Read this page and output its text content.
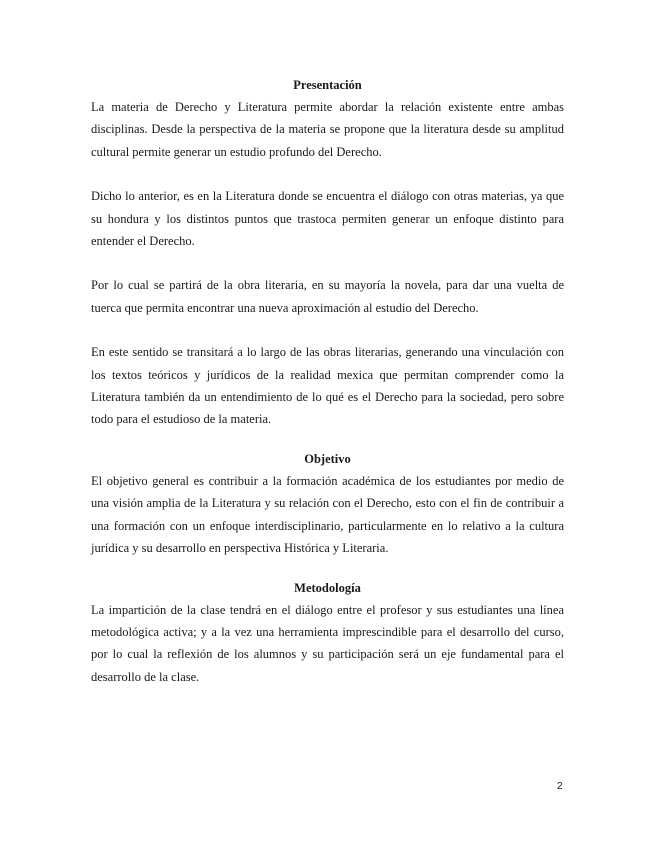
Presentación

La materia de Derecho y Literatura permite abordar la relación existente entre ambas disciplinas. Desde la perspectiva de la materia se propone que la literatura desde su amplitud cultural permite generar un estudio profundo del Derecho.

Dicho lo anterior, es en la Literatura donde se encuentra el diálogo con otras materias, ya que su hondura y los distintos puntos que trastoca permiten generar un enfoque distinto para entender el Derecho.

Por lo cual se partirá de la obra literaria, en su mayoría la novela, para dar una vuelta de tuerca que permita encontrar una nueva aproximación al estudio del Derecho.

En este sentido se transitará a lo largo de las obras literarias, generando una vinculación con los textos teóricos y jurídicos de la realidad mexica que permitan comprender como la Literatura también da un entendimiento de lo qué es el Derecho para la sociedad, pero sobre todo para el estudioso de la materia.

Objetivo

El objetivo general es contribuir a la formación académica de los estudiantes por medio de una visión amplia de la Literatura y su relación con el Derecho, esto con el fin de contribuir a una formación con un enfoque interdisciplinario, particularmente en lo relativo a la cultura jurídica y su desarrollo en perspectiva Histórica y Literaria.

Metodología

La impartición de la clase tendrá en el diálogo entre el profesor y sus estudiantes una línea metodológica activa; y a la vez una herramienta imprescindible para el desarrollo del curso, por lo cual la reflexión de los alumnos y su participación será un eje fundamental para el desarrollo de la clase.

2
